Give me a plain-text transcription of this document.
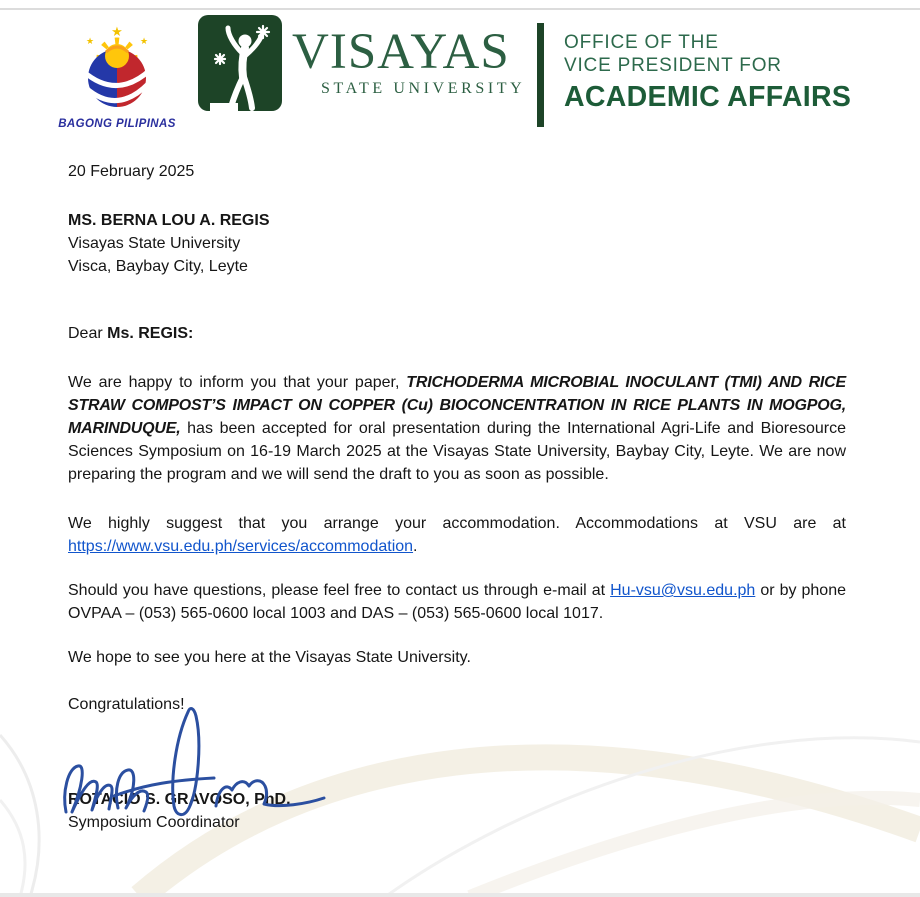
★
★	★
BAGONG PILIPINAS
VISAYAS
STATE UNIVERSITY
OFFICE OF THE
VICE PRESIDENT FOR
ACADEMIC AFFAIRS
20 February 2025
MS. BERNA LOU A. REGIS
Visayas State University
Visca, Baybay City, Leyte
Dear Ms. REGIS:
We are happy to inform you that your paper, TRICHODERMA MICROBIAL INOCULANT (TMI) AND RICE STRAW COMPOST’S IMPACT ON COPPER (Cu) BIOCONCENTRATION IN RICE PLANTS IN MOGPOG, MARINDUQUE, has been accepted for oral presentation during the International Agri-Life and Bioresource Sciences Symposium on 16-19 March 2025 at the Visayas State University, Baybay City, Leyte. We are now preparing the program and we will send the draft to you as soon as possible.
We highly suggest that you arrange your accommodation. Accommodations at VSU are at https://www.vsu.edu.ph/services/accommodation.
Should you have questions, please feel free to contact us through e-mail at Hu-vsu@vsu.edu.ph or by phone OVPAA – (053) 565-0600 local 1003 and DAS – (053) 565-0600 local 1017.
We hope to see you here at the Visayas State University.
Congratulations!
ROTACIO S. GRAVOSO, PhD.
Symposium Coordinator
